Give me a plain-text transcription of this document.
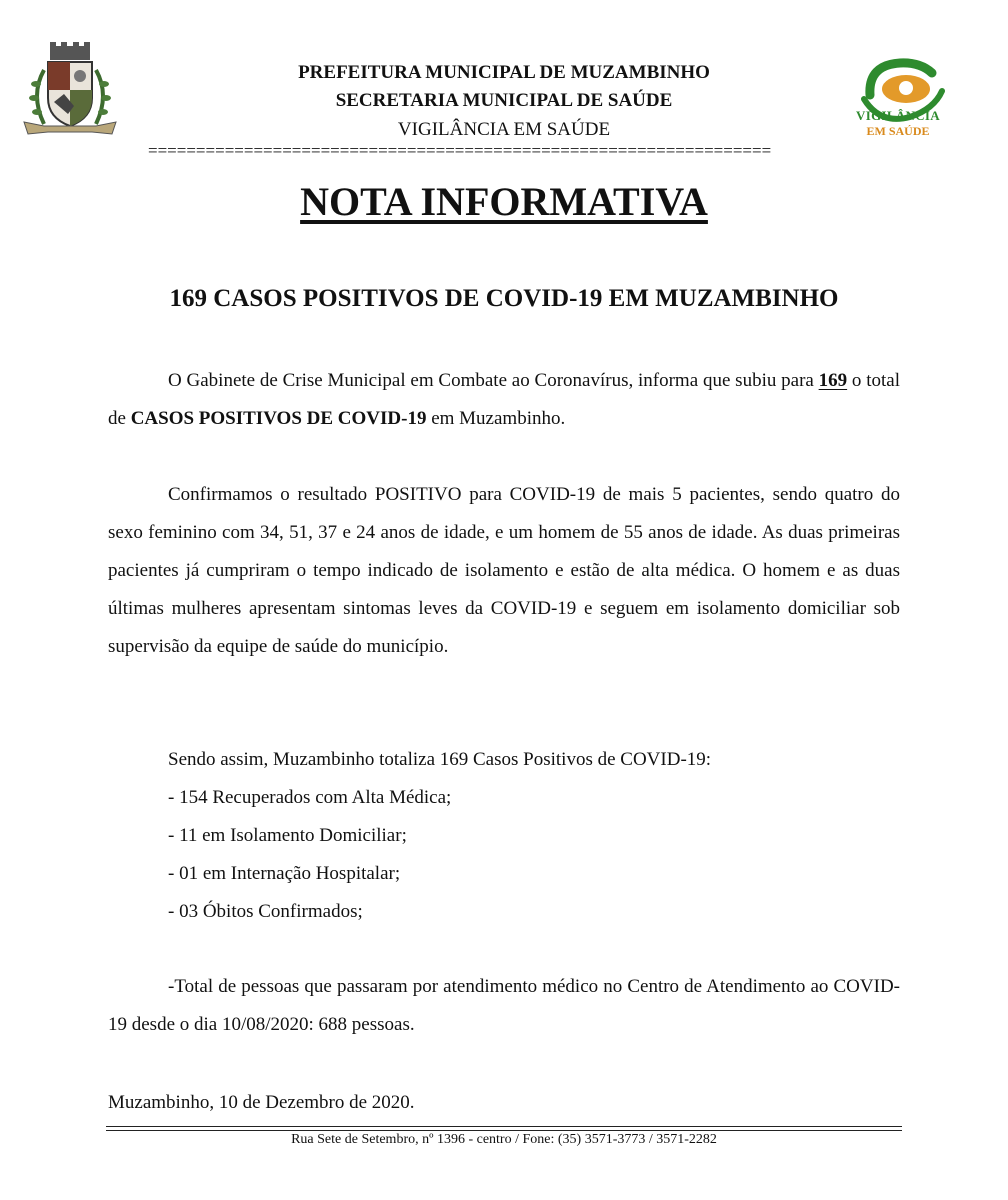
VIGILÂNCIA
EM SAÚDE
PREFEITURA MUNICIPAL DE MUZAMBINHO
SECRETARIA MUNICIPAL DE SAÚDE
VIGILÂNCIA EM SAÚDE
=================================================================
NOTA INFORMATIVA
169 CASOS POSITIVOS DE COVID-19 EM MUZAMBINHO
O Gabinete de Crise Municipal em Combate ao Coronavírus, informa que subiu para 169 o total de CASOS POSITIVOS DE COVID-19 em Muzambinho.
Confirmamos o resultado POSITIVO para COVID-19 de mais 5 pacientes, sendo quatro do sexo feminino com 34, 51, 37 e 24 anos de idade, e um homem de 55 anos de idade. As duas primeiras pacientes já cumpriram o tempo indicado de isolamento e estão de alta médica. O homem e as duas últimas mulheres apresentam sintomas leves da COVID-19 e seguem em isolamento domiciliar sob supervisão da equipe de saúde do município.
Sendo assim, Muzambinho totaliza 169 Casos Positivos de COVID-19:
- 154 Recuperados com Alta Médica;
- 11 em Isolamento Domiciliar;
- 01 em Internação Hospitalar;
- 03 Óbitos Confirmados;
-Total de pessoas que passaram por atendimento médico no Centro de Atendimento ao COVID-19 desde o dia 10/08/2020: 688 pessoas.
Muzambinho, 10 de Dezembro de 2020.
Rua Sete de Setembro, nº 1396 - centro / Fone: (35) 3571-3773 / 3571-2282
